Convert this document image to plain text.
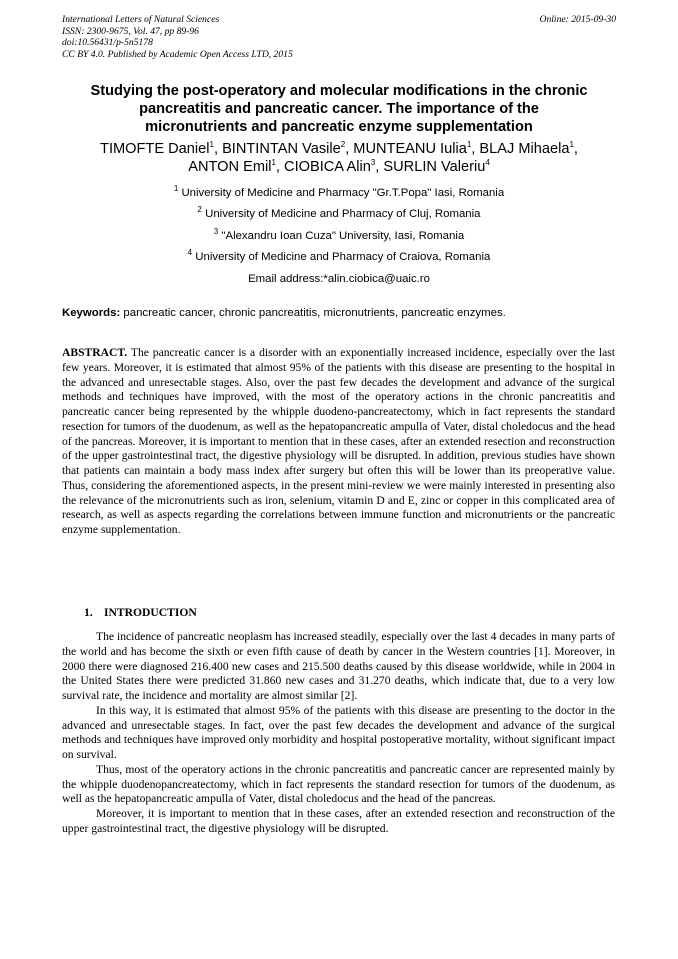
International Letters of Natural Sciences
ISSN: 2300-9675, Vol. 47, pp 89-96
doi:10.56431/p-5n5178
CC BY 4.0. Published by Academic Open Access LTD, 2015
Online: 2015-09-30
Studying the post-operatory and molecular modifications in the chronic
pancreatitis and pancreatic cancer. The importance of the
micronutrients and pancreatic enzyme supplementation
TIMOFTE Daniel$^1$, BINTINTAN Vasile$^2$, MUNTEANU Iulia$^1$, BLAJ Mihaela$^1$,
ANTON Emil$^1$, CIOBICA Alin$^3$, SURLIN Valeriu$^4$
$^1$ University of Medicine and Pharmacy "Gr.T.Popa" Iasi, Romania
$^2$ University of Medicine and Pharmacy of Cluj, Romania
$^3$ "Alexandru Ioan Cuza" University, Iasi, Romania
$^4$ University of Medicine and Pharmacy of Craiova, Romania
Email address:*alin.ciobica@uaic.ro
Keywords: pancreatic cancer, chronic pancreatitis, micronutrients, pancreatic enzymes.
ABSTRACT. The pancreatic cancer is a disorder with an exponentially increased incidence, especially over the last few years. Moreover, it is estimated that almost 95% of the patients with this disease are presenting to the hospital in the advanced and unresectable stages. Also, over the past few decades the development and advance of the surgical methods and techniques have improved, with the most of the operatory actions in the chronic pancreatitis and pancreatic cancer being represented by the whipple duodeno-pancreatectomy, which in fact represents the standard resection for tumors of the duodenum, as well as the hepatopancreatic ampulla of Vater, distal choledocus and the head of the pancreas. Moreover, it is important to mention that in these cases, after an extended resection and reconstruction of the upper gastrointestinal tract, the digestive physiology will be disrupted. In addition, previous studies have shown that patients can maintain a body mass index after surgery but often this will be lower than its preoperative value. Thus, considering the aforementioned aspects, in the present mini-review we were mainly interested in presenting also the relevance of the micronutrients such as iron, selenium, vitamin D and E, zinc or copper in this complicated area of research, as well as aspects regarding the correlations between immune function and micronutrients or the pancreatic enzyme supplementation.
1. INTRODUCTION

The incidence of pancreatic neoplasm has increased steadily, especially over the last 4 decades in many parts of the world and has become the sixth or even fifth cause of death by cancer in the Western countries [1]. Moreover, in 2000 there were diagnosed 216.400 new cases and 215.500 deaths caused by this disease worldwide, while in 2004 in the United States there were predicted 31.860 new cases and 31.270 deaths, which indicate that, due to a very low survival rate, the incidence and mortality are almost similar [2].

In this way, it is estimated that almost 95% of the patients with this disease are presenting to the doctor in the advanced and unresectable stages. In fact, over the past few decades the development and advance of the surgical methods and techniques have improved only morbidity and hospital postoperative mortality, without significant impact on survival.

Thus, most of the operatory actions in the chronic pancreatitis and pancreatic cancer are represented mainly by the whipple duodenopancreatectomy, which in fact represents the standard resection for tumors of the duodenum, as well as the hepatopancreatic ampulla of Vater, distal choledocus and the head of the pancreas.

Moreover, it is important to mention that in these cases, after an extended resection and reconstruction of the upper gastrointestinal tract, the digestive physiology will be disrupted.
